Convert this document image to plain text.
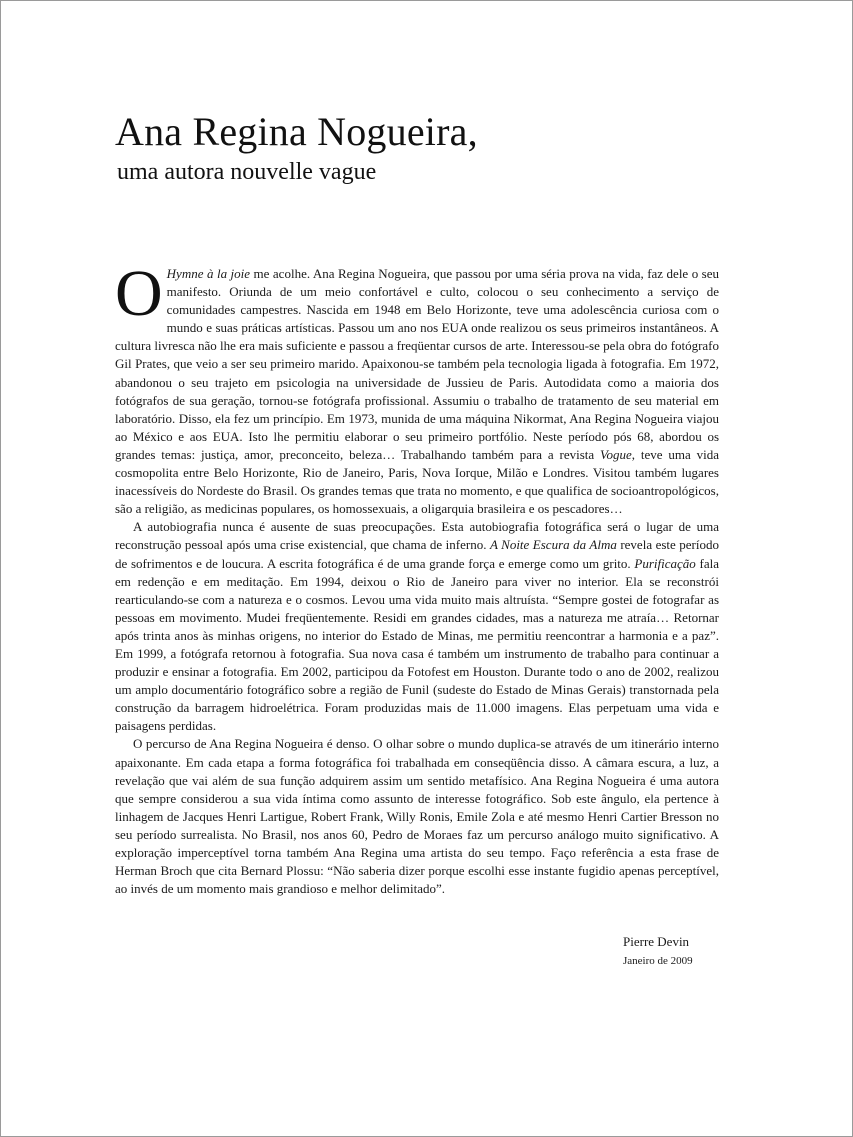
Ana Regina Nogueira,
uma autora nouvelle vague

O Hymne à la joie me acolhe. Ana Regina Nogueira, que passou por uma séria prova na vida, faz dele o seu manifesto. Oriunda de um meio confortável e culto, colocou o seu conhecimento a serviço de comunidades campestres. Nascida em 1948 em Belo Horizonte, teve uma adolescência curiosa com o mundo e suas práticas artísticas. Passou um ano nos EUA onde realizou os seus primeiros instantâneos. A cultura livresca não lhe era mais suficiente e passou a freqüentar cursos de arte. Interessou-se pela obra do fotógrafo Gil Prates, que veio a ser seu primeiro marido. Apaixonou-se também pela tecnologia ligada à fotografia. Em 1972, abandonou o seu trajeto em psicologia na universidade de Jussieu de Paris. Autodidata como a maioria dos fotógrafos de sua geração, tornou-se fotógrafa profissional. Assumiu o trabalho de tratamento de seu material em laboratório. Disso, ela fez um princípio. Em 1973, munida de uma máquina Nikormat, Ana Regina Nogueira viajou ao México e aos EUA. Isto lhe permitiu elaborar o seu primeiro portfólio. Neste período pós 68, abordou os grandes temas: justiça, amor, preconceito, beleza… Trabalhando também para a revista Vogue, teve uma vida cosmopolita entre Belo Horizonte, Rio de Janeiro, Paris, Nova Iorque, Milão e Londres. Visitou também lugares inacessíveis do Nordeste do Brasil. Os grandes temas que trata no momento, e que qualifica de socioantropológicos, são a religião, as medicinas populares, os homossexuais, a oligarquia brasileira e os pescadores…

A autobiografia nunca é ausente de suas preocupações. Esta autobiografia fotográfica será o lugar de uma reconstrução pessoal após uma crise existencial, que chama de inferno. A Noite Escura da Alma revela este período de sofrimentos e de loucura. A escrita fotográfica é de uma grande força e emerge como um grito. Purificação fala em redenção e em meditação. Em 1994, deixou o Rio de Janeiro para viver no interior. Ela se reconstrói rearticulando-se com a natureza e o cosmos. Levou uma vida muito mais altruísta. “Sempre gostei de fotografar as pessoas em movimento. Mudei freqüentemente. Residi em grandes cidades, mas a natureza me atraía… Retornar após trinta anos às minhas origens, no interior do Estado de Minas, me permitiu reencontrar a harmonia e a paz”. Em 1999, a fotógrafa retornou à fotografia. Sua nova casa é também um instrumento de trabalho para continuar a produzir e ensinar a fotografia. Em 2002, participou da Fotofest em Houston. Durante todo o ano de 2002, realizou um amplo documentário fotográfico sobre a região de Funil (sudeste do Estado de Minas Gerais) transtornada pela construção da barragem hidroelétrica. Foram produzidas mais de 11.000 imagens. Elas perpetuam uma vida e paisagens perdidas.

O percurso de Ana Regina Nogueira é denso. O olhar sobre o mundo duplica-se através de um itinerário interno apaixonante. Em cada etapa a forma fotográfica foi trabalhada em conseqüência disso. A câmara escura, a luz, a revelação que vai além de sua função adquirem assim um sentido metafísico. Ana Regina Nogueira é uma autora que sempre considerou a sua vida íntima como assunto de interesse fotográfico. Sob este ângulo, ela pertence à linhagem de Jacques Henri Lartigue, Robert Frank, Willy Ronis, Emile Zola e até mesmo Henri Cartier Bresson no seu período surrealista. No Brasil, nos anos 60, Pedro de Moraes faz um percurso análogo muito significativo. A exploração imperceptível torna também Ana Regina uma artista do seu tempo. Faço referência a esta frase de Herman Broch que cita Bernard Plossu: “Não saberia dizer porque escolhi esse instante fugidio apenas perceptível, ao invés de um momento mais grandioso e melhor delimitado”.

Pierre Devin
Janeiro de 2009
